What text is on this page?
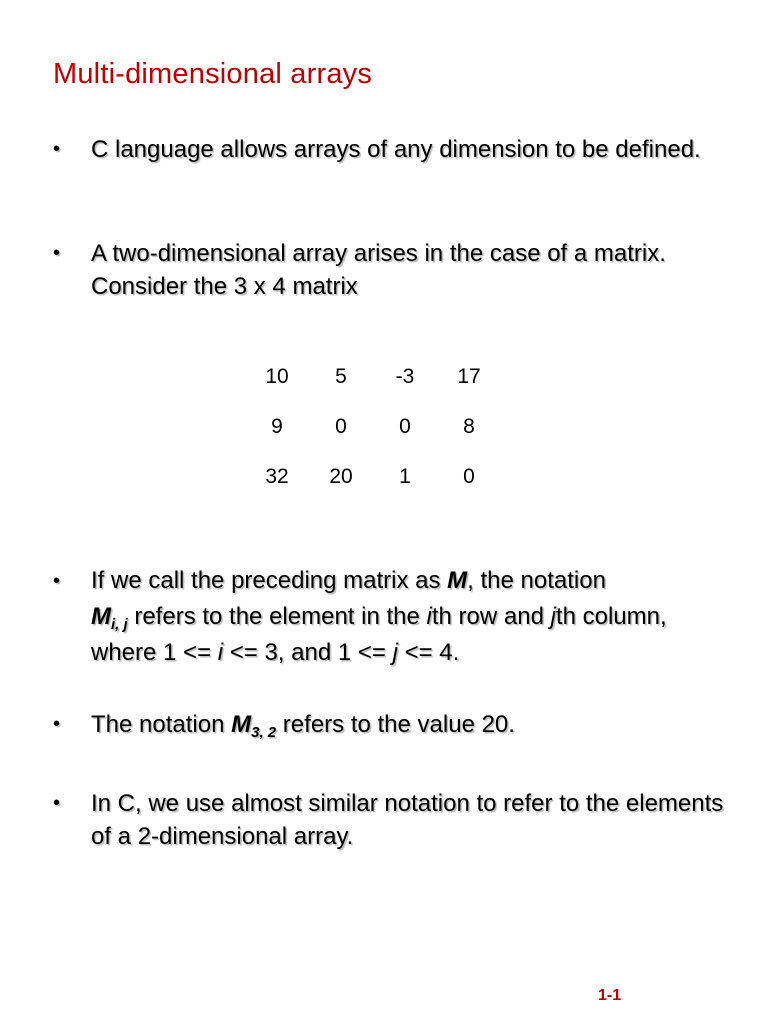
Multi-dimensional arrays
• C language allows arrays of any dimension to be defined.
• A two-dimensional array arises in the case of a matrix. Consider the 3 x 4 matrix
10	5	-3	17
9	0	0	8
32	20	1	0
• If we call the preceding matrix as M, the notation
$M_{i, j}$ refers to the element in the ith row and jth column, where 1 <= i <= 3, and 1 <= j <= 4.
• The notation $M_{3, 2}$ refers to the value 20.
• In C, we use almost similar notation to refer to the elements of a 2-dimensional array.
1-1
